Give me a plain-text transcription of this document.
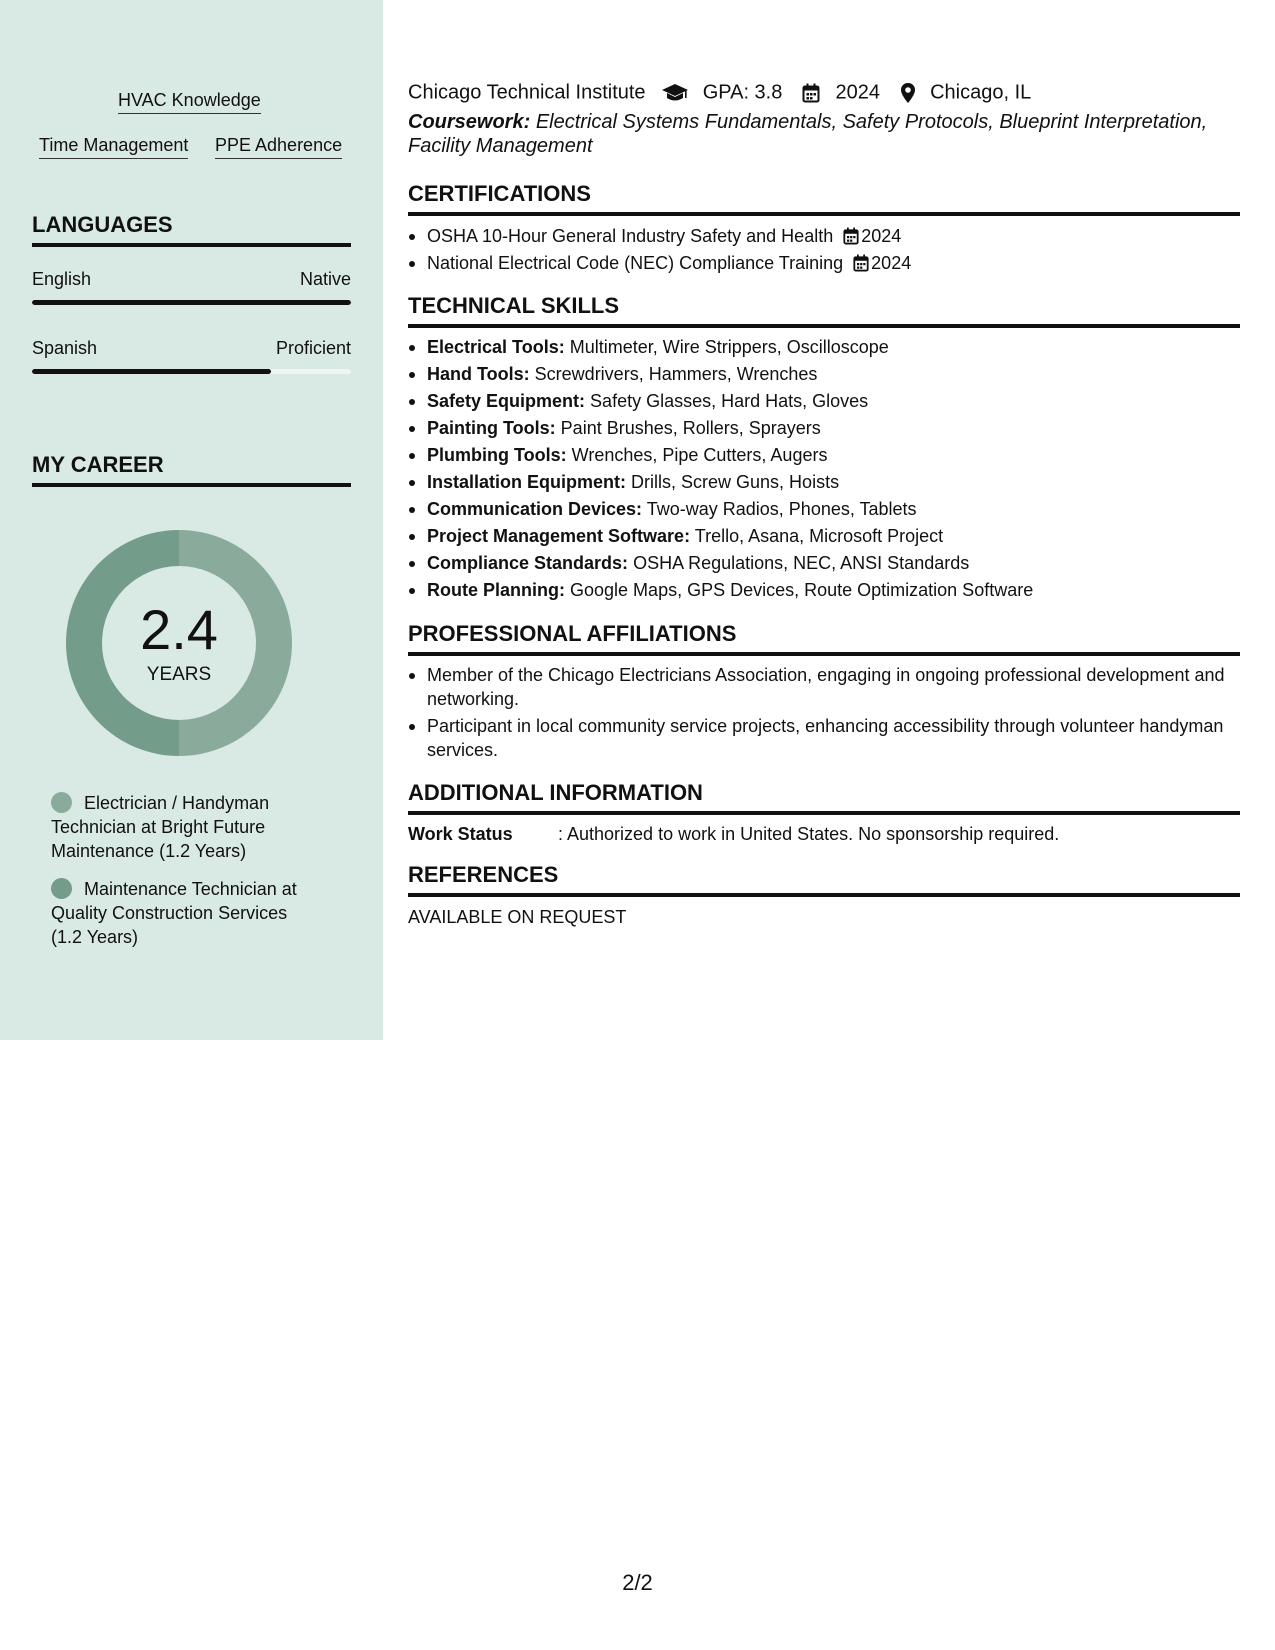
HVAC Knowledge
Time Management PPE Adherence
LANGUAGES
English	Native
Spanish	Proficient
MY CAREER
2.4
YEARS
Electrician / Handyman Technician at Bright Future Maintenance (1.2 Years)
Maintenance Technician at Quality Construction Services (1.2 Years)
Chicago Technical Institute	GPA: 3.8	2024	Chicago, IL
Coursework: Electrical Systems Fundamentals, Safety Protocols, Blueprint Interpretation, Facility Management
CERTIFICATIONS
OSHA 10-Hour General Industry Safety and Health 2024
National Electrical Code (NEC) Compliance Training 2024
TECHNICAL SKILLS
Electrical Tools: Multimeter, Wire Strippers, Oscilloscope
Hand Tools: Screwdrivers, Hammers, Wrenches
Safety Equipment: Safety Glasses, Hard Hats, Gloves
Painting Tools: Paint Brushes, Rollers, Sprayers
Plumbing Tools: Wrenches, Pipe Cutters, Augers
Installation Equipment: Drills, Screw Guns, Hoists
Communication Devices: Two-way Radios, Phones, Tablets
Project Management Software: Trello, Asana, Microsoft Project
Compliance Standards: OSHA Regulations, NEC, ANSI Standards
Route Planning: Google Maps, GPS Devices, Route Optimization Software
PROFESSIONAL AFFILIATIONS
Member of the Chicago Electricians Association, engaging in ongoing professional development and networking.
Participant in local community service projects, enhancing accessibility through volunteer handyman services.
ADDITIONAL INFORMATION
Work Status	: Authorized to work in United States. No sponsorship required.
REFERENCES
AVAILABLE ON REQUEST
2/2
